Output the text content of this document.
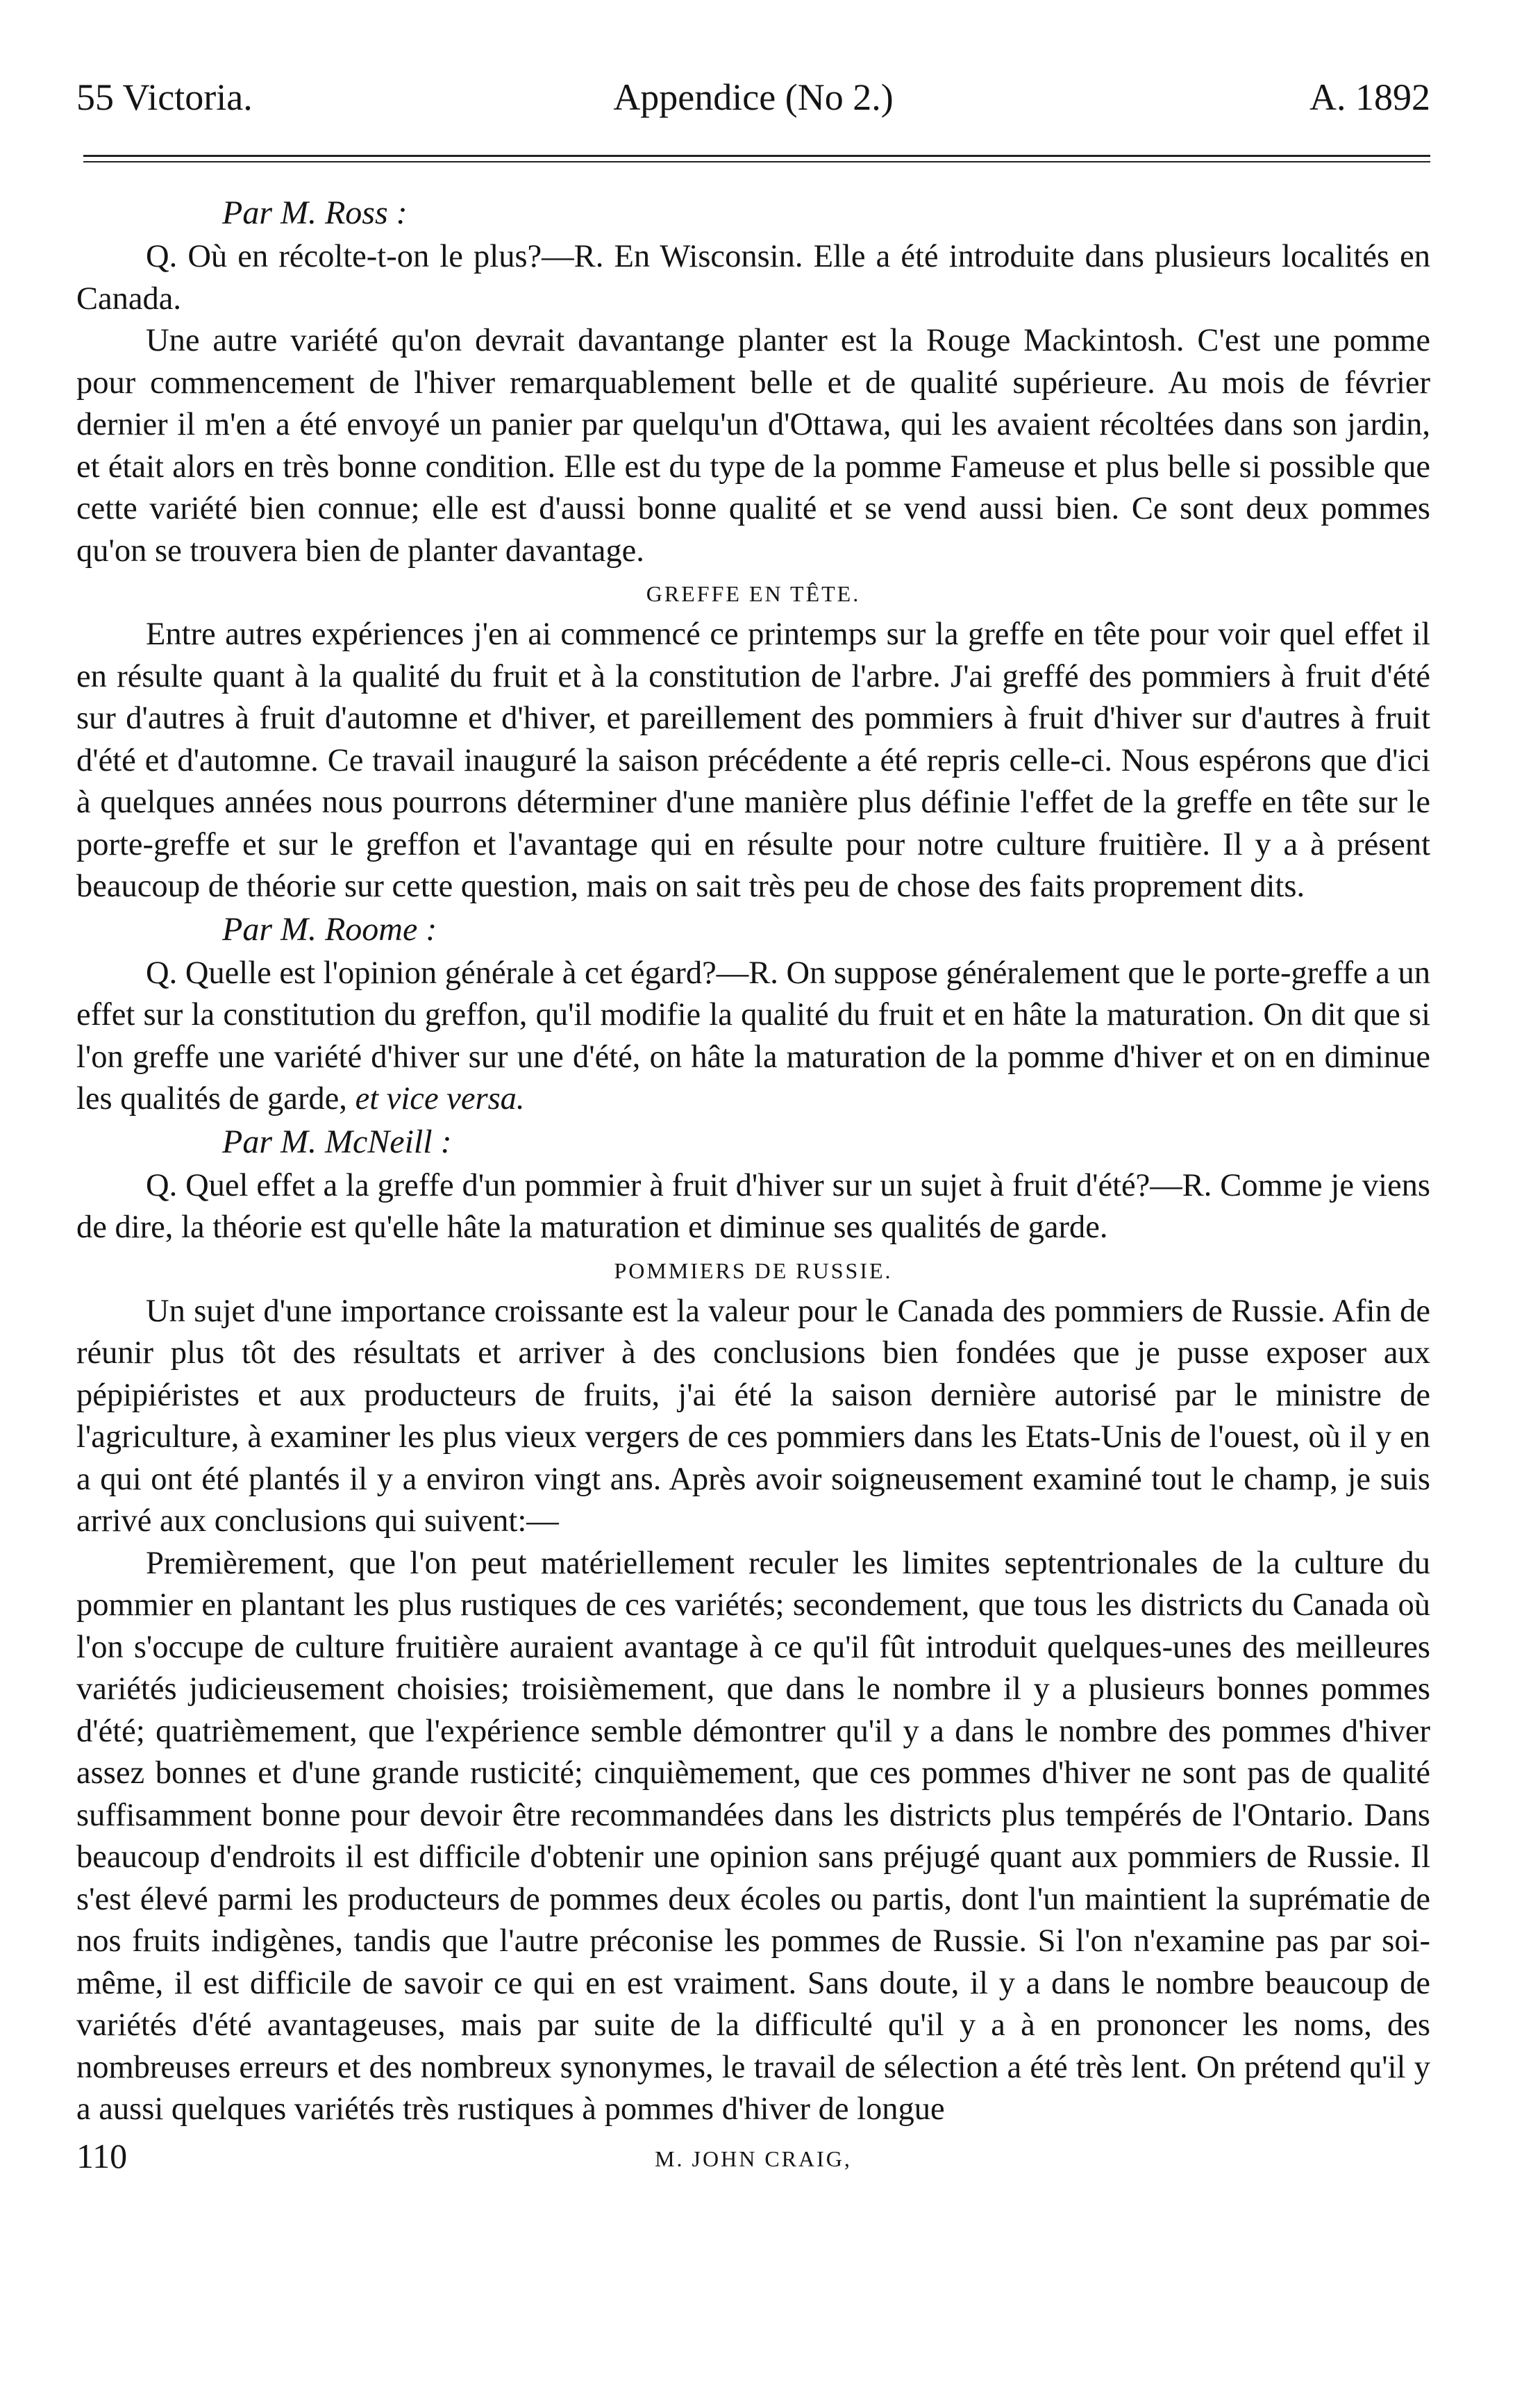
55 Victoria.	Appendice (No 2.)	A. 1892
Par M. Ross :

Q. Où en récolte-t-on le plus?—R. En Wisconsin. Elle a été introduite dans plusieurs localités en Canada.

Une autre variété qu'on devrait davantange planter est la Rouge Mackintosh. C'est une pomme pour commencement de l'hiver remarquablement belle et de qualité supérieure. Au mois de février dernier il m'en a été envoyé un panier par quelqu'un d'Ottawa, qui les avaient récoltées dans son jardin, et était alors en très bonne condition. Elle est du type de la pomme Fameuse et plus belle si possible que cette variété bien connue; elle est d'aussi bonne qualité et se vend aussi bien. Ce sont deux pommes qu'on se trouvera bien de planter davantage.

GREFFE EN TÊTE.

Entre autres expériences j'en ai commencé ce printemps sur la greffe en tête pour voir quel effet il en résulte quant à la qualité du fruit et à la constitution de l'arbre. J'ai greffé des pommiers à fruit d'été sur d'autres à fruit d'automne et d'hiver, et pareillement des pommiers à fruit d'hiver sur d'autres à fruit d'été et d'automne. Ce travail inauguré la saison précédente a été repris celle-ci. Nous espérons que d'ici à quelques années nous pourrons déterminer d'une manière plus définie l'effet de la greffe en tête sur le porte-greffe et sur le greffon et l'avantage qui en résulte pour notre culture fruitière. Il y a à présent beaucoup de théorie sur cette question, mais on sait très peu de chose des faits proprement dits.

Par M. Roome :

Q. Quelle est l'opinion générale à cet égard?—R. On suppose généralement que le porte-greffe a un effet sur la constitution du greffon, qu'il modifie la qualité du fruit et en hâte la maturation. On dit que si l'on greffe une variété d'hiver sur une d'été, on hâte la maturation de la pomme d'hiver et on en diminue les qualités de garde, et vice versa.

Par M. McNeill :

Q. Quel effet a la greffe d'un pommier à fruit d'hiver sur un sujet à fruit d'été?—R. Comme je viens de dire, la théorie est qu'elle hâte la maturation et diminue ses qualités de garde.

POMMIERS DE RUSSIE.

Un sujet d'une importance croissante est la valeur pour le Canada des pommiers de Russie. Afin de réunir plus tôt des résultats et arriver à des conclusions bien fondées que je pusse exposer aux pépipiéristes et aux producteurs de fruits, j'ai été la saison dernière autorisé par le ministre de l'agriculture, à examiner les plus vieux vergers de ces pommiers dans les Etats-Unis de l'ouest, où il y en a qui ont été plantés il y a environ vingt ans. Après avoir soigneusement examiné tout le champ, je suis arrivé aux conclusions qui suivent:—

Premièrement, que l'on peut matériellement reculer les limites septentrionales de la culture du pommier en plantant les plus rustiques de ces variétés; secondement, que tous les districts du Canada où l'on s'occupe de culture fruitière auraient avantage à ce qu'il fût introduit quelques-unes des meilleures variétés judicieusement choisies; troisièmement, que dans le nombre il y a plusieurs bonnes pommes d'été; quatrièmement, que l'expérience semble démontrer qu'il y a dans le nombre des pommes d'hiver assez bonnes et d'une grande rusticité; cinquièmement, que ces pommes d'hiver ne sont pas de qualité suffisamment bonne pour devoir être recommandées dans les districts plus tempérés de l'Ontario. Dans beaucoup d'endroits il est difficile d'obtenir une opinion sans préjugé quant aux pommiers de Russie. Il s'est élevé parmi les producteurs de pommes deux écoles ou partis, dont l'un maintient la suprématie de nos fruits indigènes, tandis que l'autre préconise les pommes de Russie. Si l'on n'examine pas par soi-même, il est difficile de savoir ce qui en est vraiment. Sans doute, il y a dans le nombre beaucoup de variétés d'été avantageuses, mais par suite de la difficulté qu'il y a à en prononcer les noms, des nombreuses erreurs et des nombreux synonymes, le travail de sélection a été très lent. On prétend qu'il y a aussi quelques variétés très rustiques à pommes d'hiver de longue

110	M. JOHN CRAIG,
